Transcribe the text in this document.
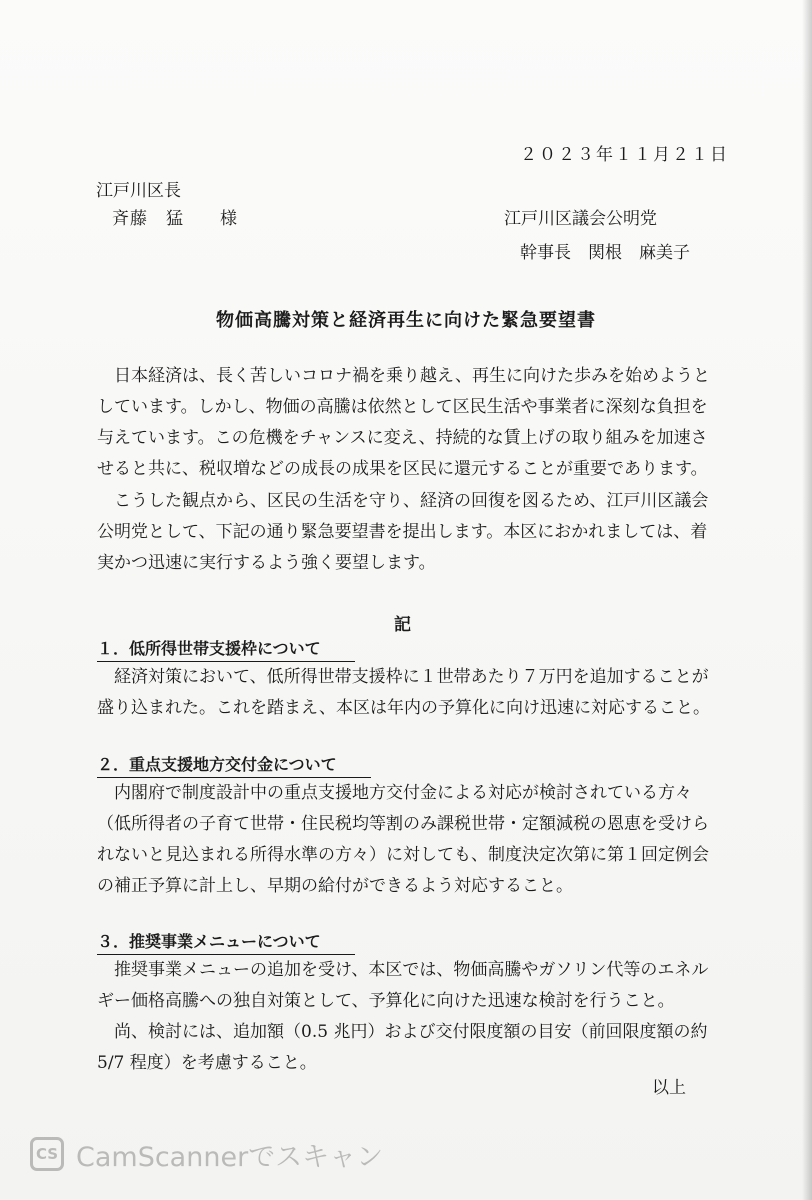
２０２３年１１月２１日
江戸川区長
斉藤　猛　　様	江戸川区議会公明党
幹事長　関根　麻美子
物価高騰対策と経済再生に向けた緊急要望書
日本経済は、長く苦しいコロナ禍を乗り越え、再生に向けた歩みを始めようとしています。しかし、物価の高騰は依然として区民生活や事業者に深刻な負担を与えています。この危機をチャンスに変え、持続的な賃上げの取り組みを加速させると共に、税収増などの成長の成果を区民に還元することが重要であります。
こうした観点から、区民の生活を守り、経済の回復を図るため、江戸川区議会公明党として、下記の通り緊急要望書を提出します。本区におかれましては、着実かつ迅速に実行するよう強く要望します。
記
１．低所得世帯支援枠について
経済対策において、低所得世帯支援枠に１世帯あたり７万円を追加することが盛り込まれた。これを踏まえ、本区は年内の予算化に向け迅速に対応すること。
２．重点支援地方交付金について
内閣府で制度設計中の重点支援地方交付金による対応が検討されている方々（低所得者の子育て世帯・住民税均等割のみ課税世帯・定額減税の恩恵を受けられないと見込まれる所得水準の方々）に対しても、制度決定次第に第１回定例会の補正予算に計上し、早期の給付ができるよう対応すること。
３．推奨事業メニューについて
推奨事業メニューの追加を受け、本区では、物価高騰やガソリン代等のエネルギー価格高騰への独自対策として、予算化に向けた迅速な検討を行うこと。
尚、検討には、追加額（0.5 兆円）および交付限度額の目安（前回限度額の約5/7 程度）を考慮すること。
以上
CS CamScannerでスキャン
